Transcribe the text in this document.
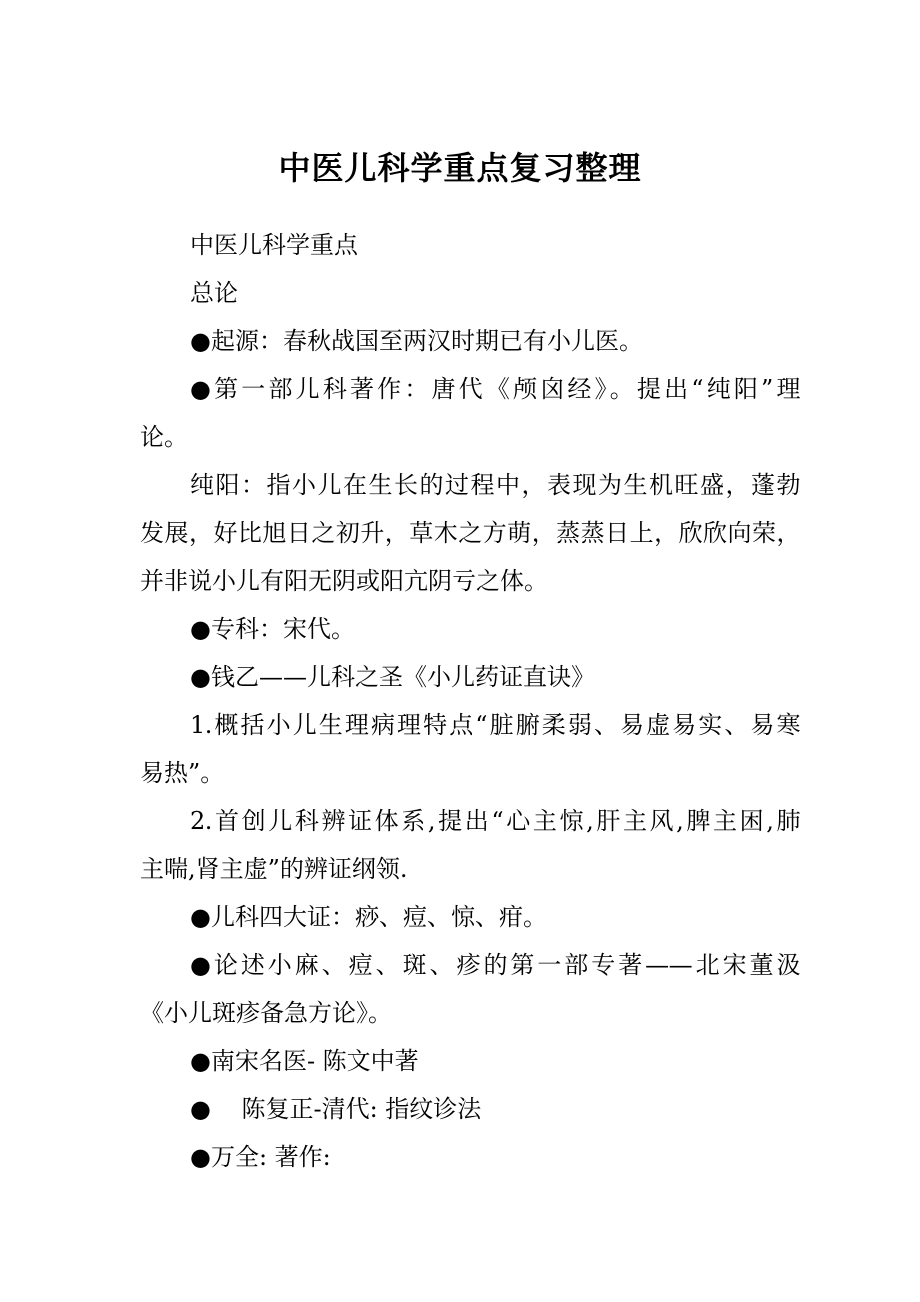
中医儿科学重点复习整理
中医儿科学重点
总论
●起源：春秋战国至两汉时期已有小儿医。
●第一部儿科著作：唐代《颅囟经》。提出“纯阳”理
论。
纯阳：指小儿在生长的过程中，表现为生机旺盛，蓬勃
发展，好比旭日之初升，草木之方萌，蒸蒸日上，欣欣向荣，
并非说小儿有阳无阴或阳亢阴亏之体。
●专科：宋代。
●钱乙——儿科之圣《小儿药证直诀》
1.概括小儿生理病理特点“脏腑柔弱、易虚易实、易寒
易热”。
2.首创儿科辨证体系,提出“心主惊,肝主风,脾主困,肺
主喘,肾主虚”的辨证纲领.
●儿科四大证：痧、痘、惊、疳。
●论述小麻、痘、斑、疹的第一部专著——北宋董汲
《小儿斑疹备急方论》。
●南宋名医- 陈文中著
●    陈复正-清代: 指纹诊法
●万全: 著作:
